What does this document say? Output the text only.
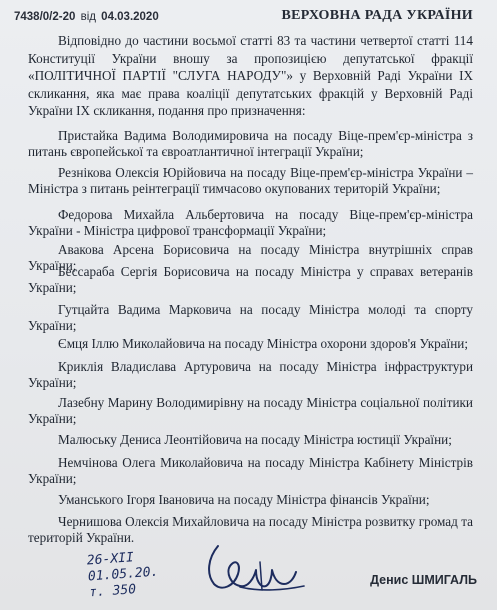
7438/0/2-20 від 04.03.2020	ВЕРХОВНА РАДА УКРАЇНИ
Відповідно до частини восьмої статті 83 та частини четвертої статті 114 Конституції України вношу за пропозицією депутатської фракції «ПОЛІТИЧНОЇ ПАРТІЇ "СЛУГА НАРОДУ"» у Верховній Раді України IX скликання, яка має права коаліції депутатських фракцій у Верховній Раді України IX скликання, подання про призначення:
Пристайка Вадима Володимировича на посаду Віце-прем'єр-міністра з питань європейської та євроатлантичної інтеграції України;
Резнікова Олексія Юрійовича на посаду Віце-прем'єр-міністра України – Міністра з питань реінтеграції тимчасово окупованих територій України;
Федорова Михайла Альбертовича на посаду Віце-прем'єр-міністра України - Міністра цифрової трансформації України;
Авакова Арсена Борисовича на посаду Міністра внутрішніх справ України;
Бессараба Сергія Борисовича на посаду Міністра у справах ветеранів України;
Гутцайта Вадима Марковича на посаду Міністра молоді та спорту України;
Ємця Іллю Миколайовича на посаду Міністра охорони здоров'я України;
Криклія Владислава Артуровича на посаду Міністра інфраструктури України;
Лазебну Марину Володимирівну на посаду Міністра соціальної політики України;
Малюську Дениса Леонтійовича на посаду Міністра юстиції України;
Немчінова Олега Миколайовича на посаду Міністра Кабінету Міністрів України;
Уманського Ігоря Івановича на посаду Міністра фінансів України;
Чернишова Олексія Михайловича на посаду Міністра розвитку громад та територій України.
26-ХІІ
01.05.20.
т. 350
Денис ШМИГАЛЬ
